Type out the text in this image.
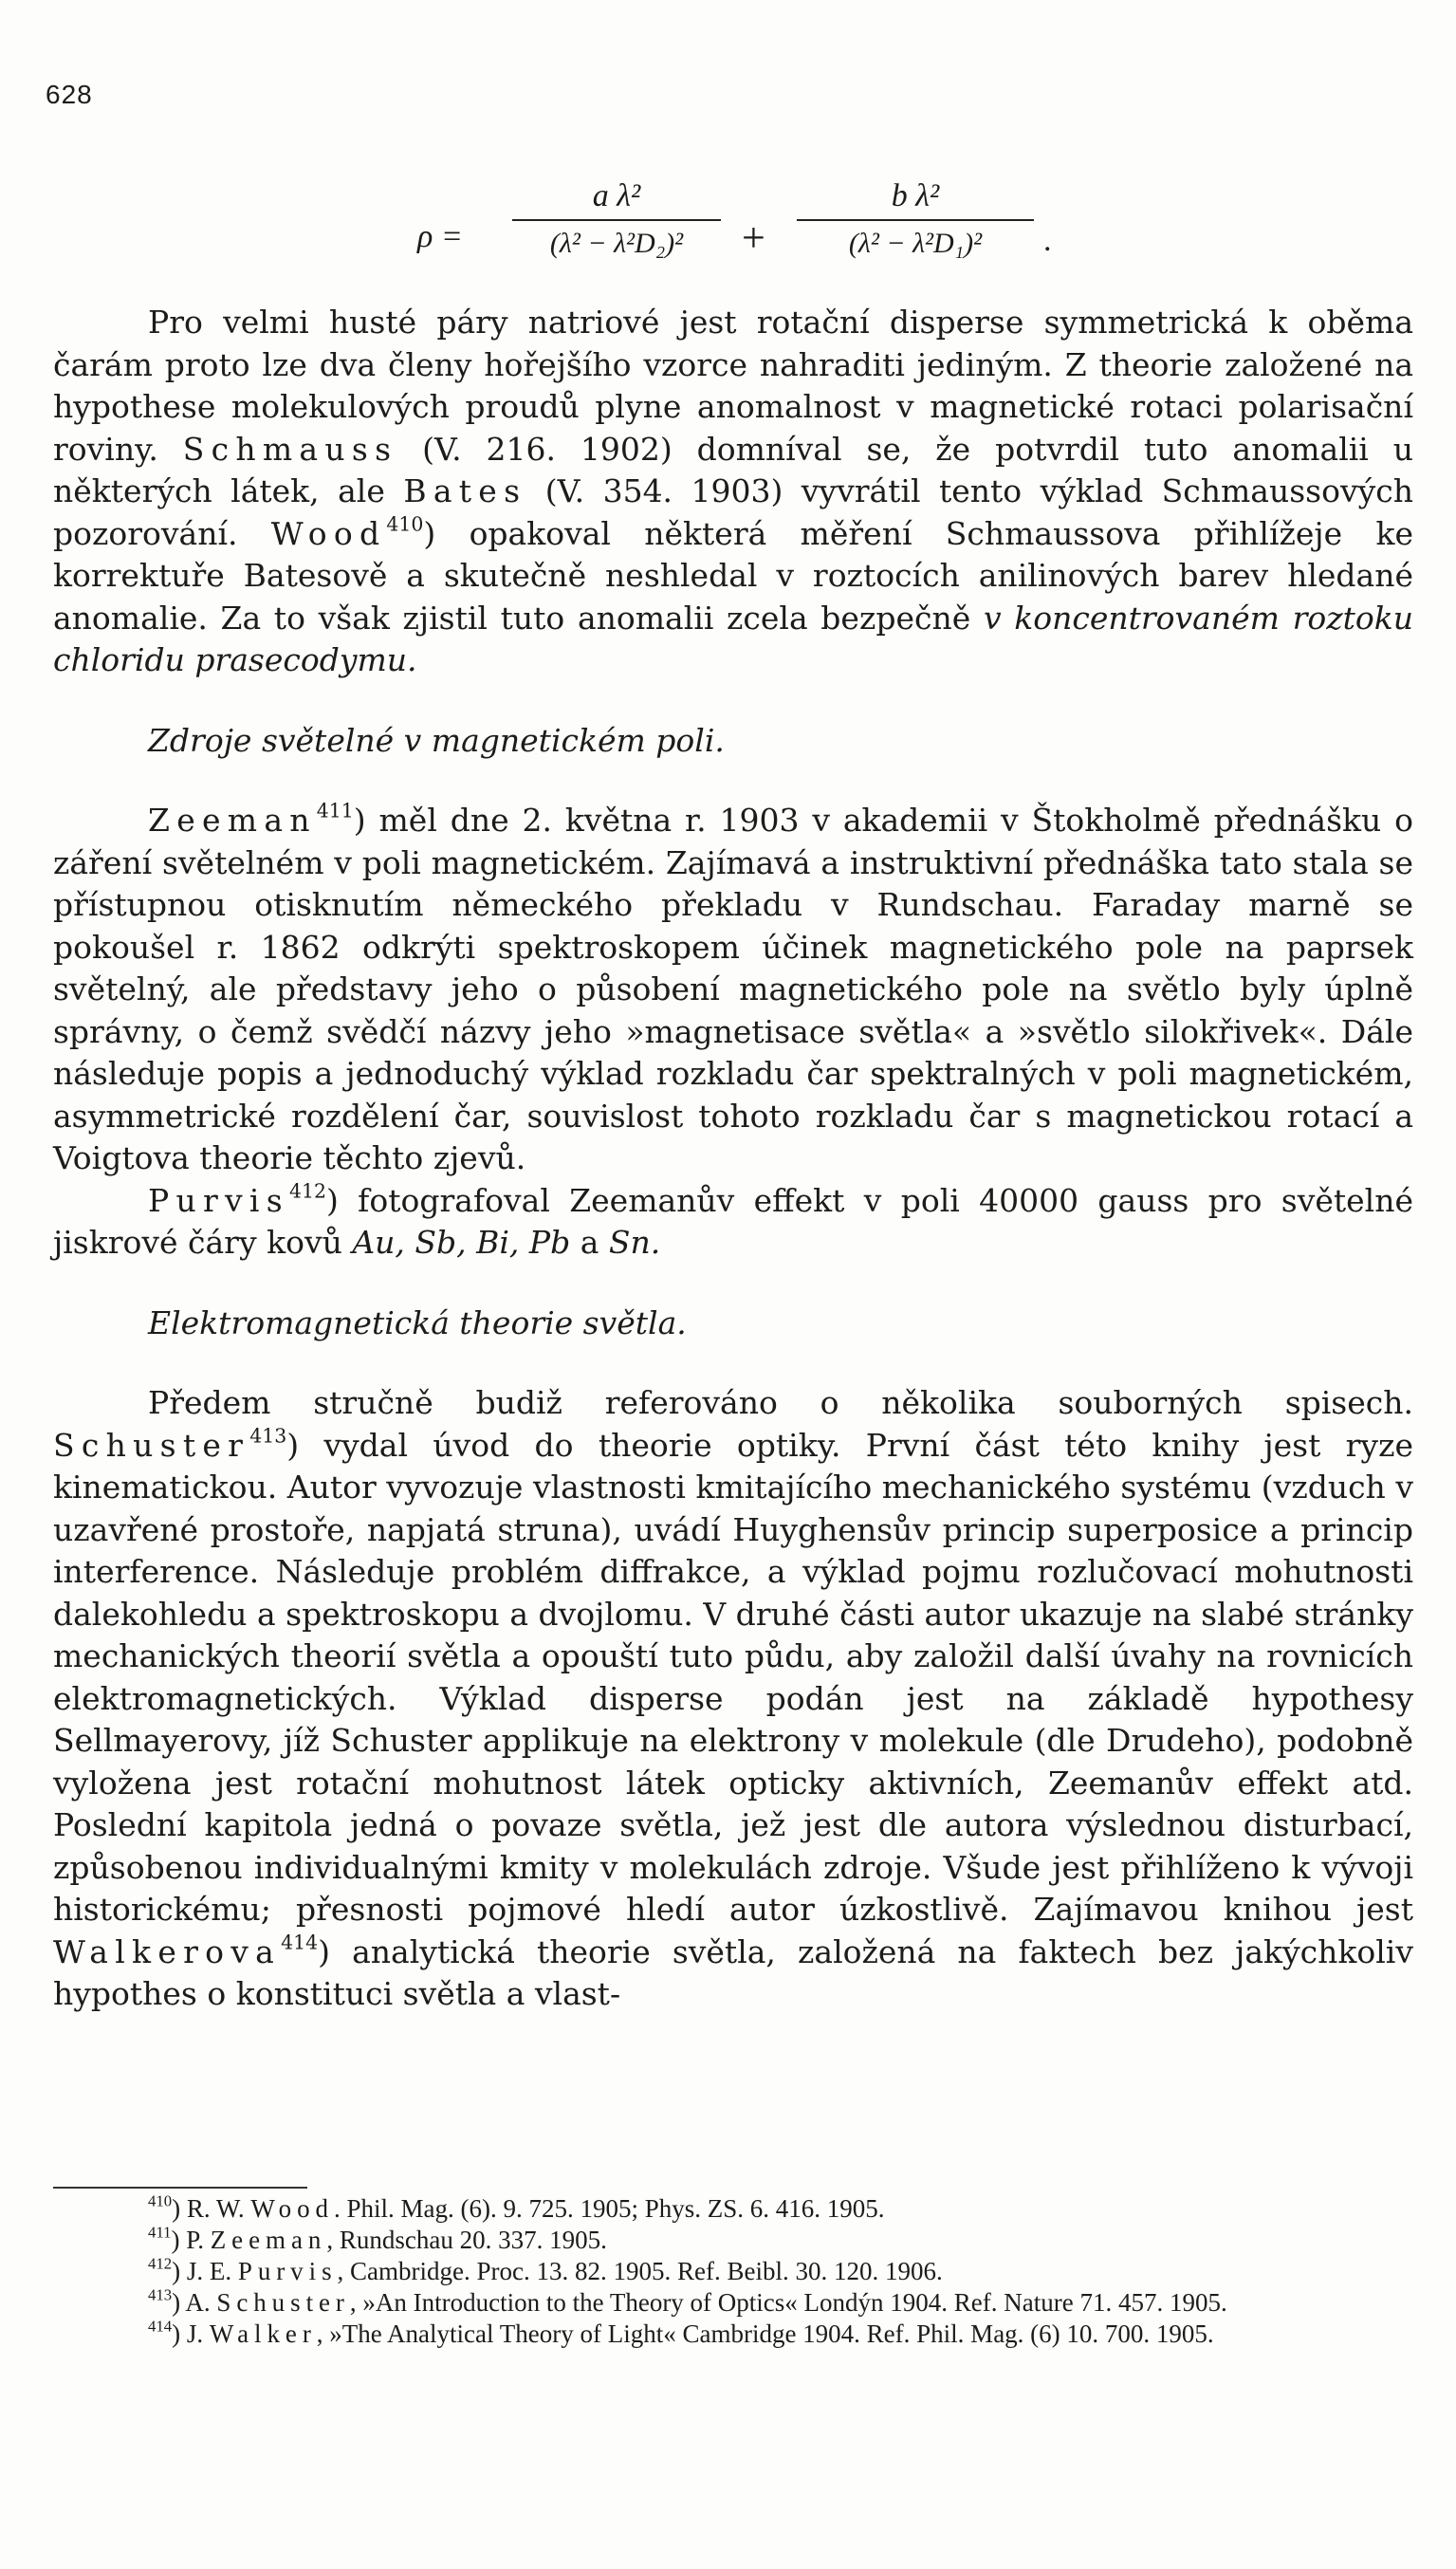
628
ρ =
a λ²
(λ² − λ²D₂)²	+
b λ²
(λ² − λ²D₁)²	.

Pro velmi husté páry natriové jest rotační disperse symmetrická k oběma čarám proto lze dva členy hořejšího vzorce nahraditi jediným. Z theorie založené na hypothese molekulových proudů plyne anomalnost v magnetické rotaci polarisační roviny. Schmauss (V. 216. 1902) domníval se, že potvrdil tuto anomalii u některých látek, ale Bates (V. 354. 1903) vyvrátil tento výklad Schmaussových pozorování. Wood$^{410}$) opakoval některá měření Schmaussova přihlížeje ke korrektuře Batesově a skutečně neshledal v roztocích anilinových barev hledané anomalie. Za to však zjistil tuto anomalii zcela bezpečně v koncentrovaném roztoku chloridu prasecodymu.

Zdroje světelné v magnetickém poli.

Zeeman$^{411}$) měl dne 2. května r. 1903 v akademii v Štokholmě přednášku o záření světelném v poli magnetickém. Zajímavá a instruktivní přednáška tato stala se přístupnou otisknutím německého překladu v Rundschau. Faraday marně se pokoušel r. 1862 odkrýti spektroskopem účinek magnetického pole na paprsek světelný, ale představy jeho o působení magnetického pole na světlo byly úplně správny, o čemž svědčí názvy jeho »magnetisace světla« a »světlo silokřivek«. Dále následuje popis a jednoduchý výklad rozkladu čar spektralných v poli magnetickém, asymmetrické rozdělení čar, souvislost tohoto rozkladu čar s magnetickou rotací a Voigtova theorie těchto zjevů.

Purvis$^{412}$) fotografoval Zeemanův effekt v poli 40000 gauss pro světelné jiskrové čáry kovů Au, Sb, Bi, Pb a Sn.

Elektromagnetická theorie světla.

Předem stručně budiž referováno o několika souborných spisech. Schuster$^{413}$) vydal úvod do theorie optiky. První část této knihy jest ryze kinematickou. Autor vyvozuje vlastnosti kmitajícího mechanického systému (vzduch v uzavřené prostoře, napjatá struna), uvádí Huyghensův princip superposice a princip interference. Následuje problém diffrakce, a výklad pojmu rozlučovací mohutnosti dalekohledu a spektroskopu a dvojlomu. V druhé části autor ukazuje na slabé stránky mechanických theorií světla a opouští tuto půdu, aby založil další úvahy na rovnicích elektromagnetických. Výklad disperse podán jest na základě hypothesy Sellmayerovy, jíž Schuster applikuje na elektrony v molekule (dle Drudeho), podobně vyložena jest rotační mohutnost látek opticky aktivních, Zeemanův effekt atd. Poslední kapitola jedná o povaze světla, jež jest dle autora výslednou disturbací, způsobenou individualnými kmity v molekulách zdroje. Všude jest přihlíženo k vývoji historickému; přesnosti pojmové hledí autor úzkostlivě. Zajímavou knihou jest Walkerova$^{414}$) analytická theorie světla, založená na faktech bez jakýchkoliv hypothes o konstituci světla a vlast-

$^{410}$) R. W. Wood. Phil. Mag. (6). 9. 725. 1905; Phys. ZS. 6. 416. 1905.

$^{411}$) P. Zeeman, Rundschau 20. 337. 1905.

$^{412}$) J. E. Purvis, Cambridge. Proc. 13. 82. 1905. Ref. Beibl. 30. 120. 1906.

$^{413}$) A. Schuster, »An Introduction to the Theory of Optics« Londýn 1904. Ref. Nature 71. 457. 1905.

$^{414}$) J. Walker, »The Analytical Theory of Light« Cambridge 1904. Ref. Phil. Mag. (6) 10. 700. 1905.
